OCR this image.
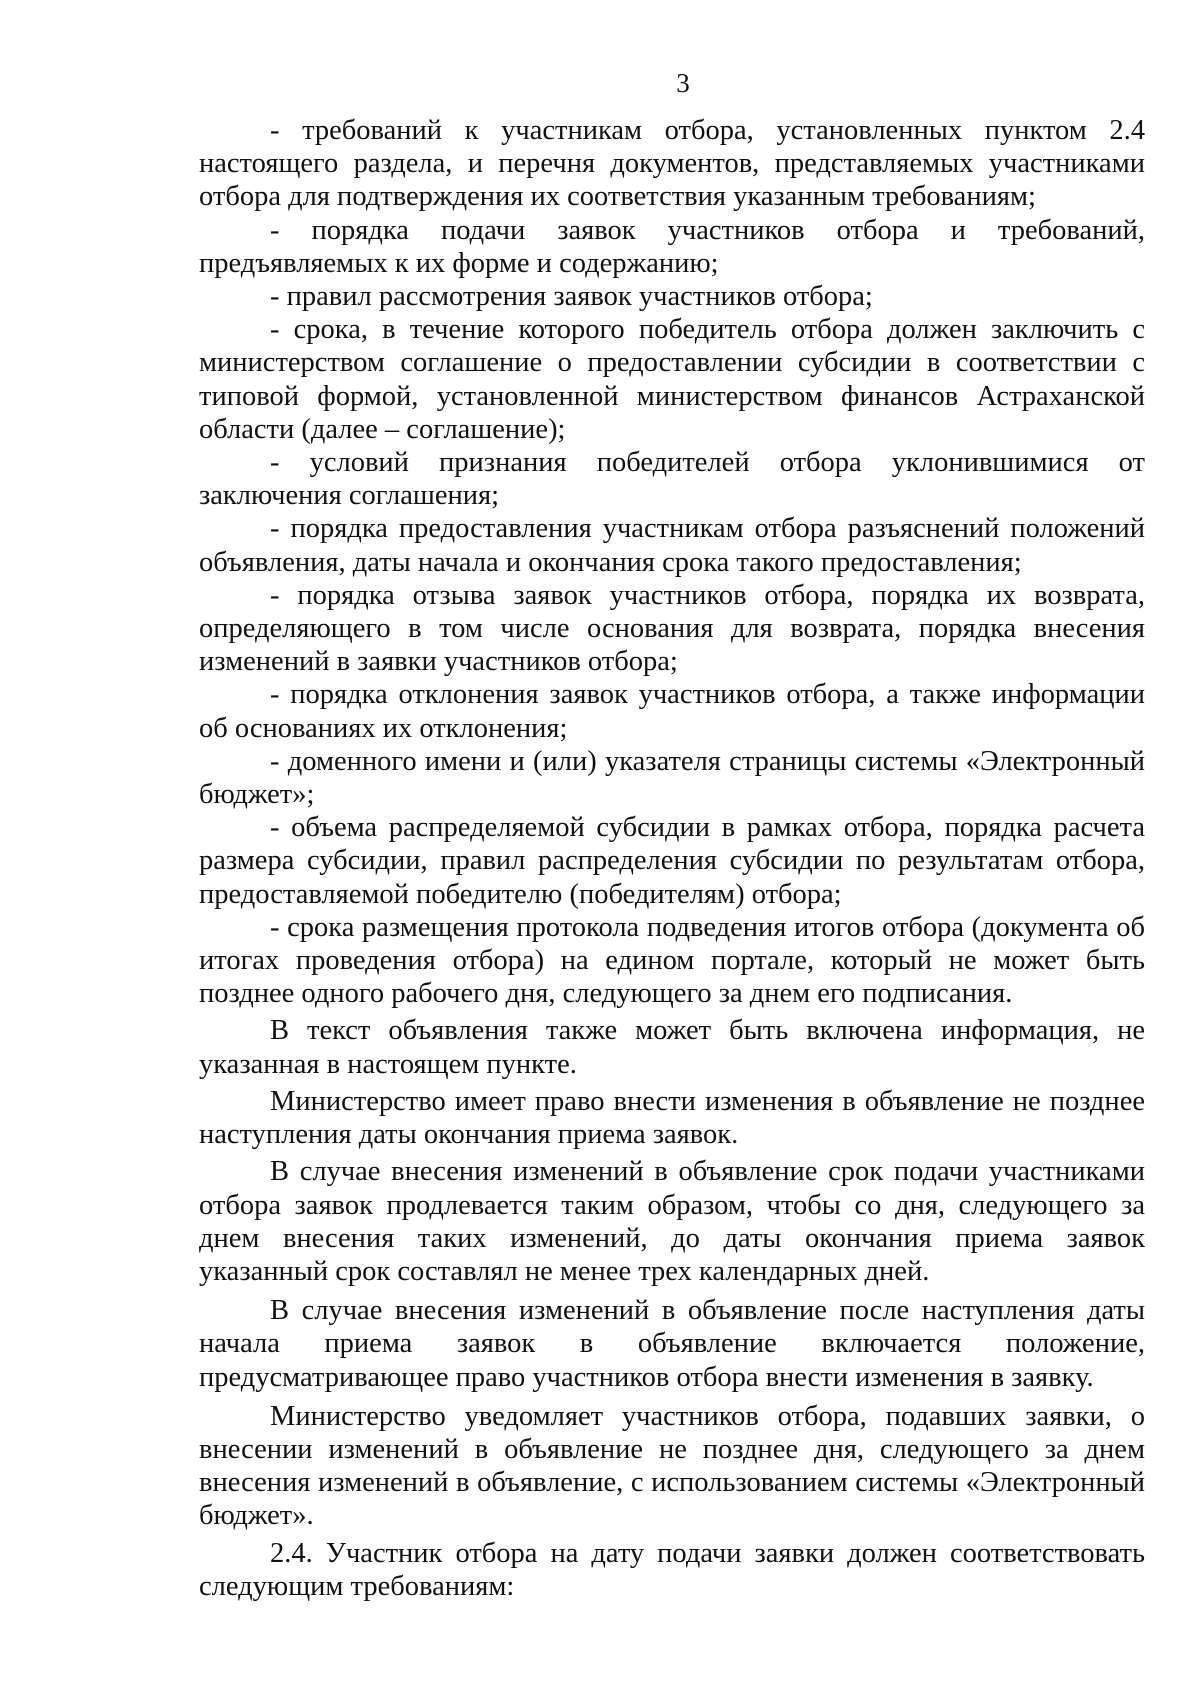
3

- требований к участникам отбора, установленных пунктом 2.4 настоящего раздела, и перечня документов, представляемых участниками отбора для подтверждения их соответствия указанным требованиям;

- порядка подачи заявок участников отбора и требований, предъявляемых к их форме и содержанию;

- правил рассмотрения заявок участников отбора;

- срока, в течение которого победитель отбора должен заключить с министерством соглашение о предоставлении субсидии в соответствии с типовой формой, установленной министерством финансов Астраханской области (далее – соглашение);

- условий признания победителей отбора уклонившимися от заключения соглашения;

- порядка предоставления участникам отбора разъяснений положений объявления, даты начала и окончания срока такого предоставления;

- порядка отзыва заявок участников отбора, порядка их возврата, определяющего в том числе основания для возврата, порядка внесения изменений в заявки участников отбора;

- порядка отклонения заявок участников отбора, а также информации об основаниях их отклонения;

- доменного имени и (или) указателя страницы системы «Электронный бюджет»;

- объема распределяемой субсидии в рамках отбора, порядка расчета размера субсидии, правил распределения субсидии по результатам отбора, предоставляемой победителю (победителям) отбора;

- срока размещения протокола подведения итогов отбора (документа об итогах проведения отбора) на едином портале, который не может быть позднее одного рабочего дня, следующего за днем его подписания.

В текст объявления также может быть включена информация, не указанная в настоящем пункте.

Министерство имеет право внести изменения в объявление не позднее наступления даты окончания приема заявок.

В случае внесения изменений в объявление срок подачи участниками отбора заявок продлевается таким образом, чтобы со дня, следующего за днем внесения таких изменений, до даты окончания приема заявок указанный срок составлял не менее трех календарных дней.

В случае внесения изменений в объявление после наступления даты начала приема заявок в объявление включается положение, предусматривающее право участников отбора внести изменения в заявку.

Министерство уведомляет участников отбора, подавших заявки, о внесении изменений в объявление не позднее дня, следующего за днем внесения изменений в объявление, с использованием системы «Электронный бюджет».

2.4. Участник отбора на дату подачи заявки должен соответствовать следующим требованиям:
